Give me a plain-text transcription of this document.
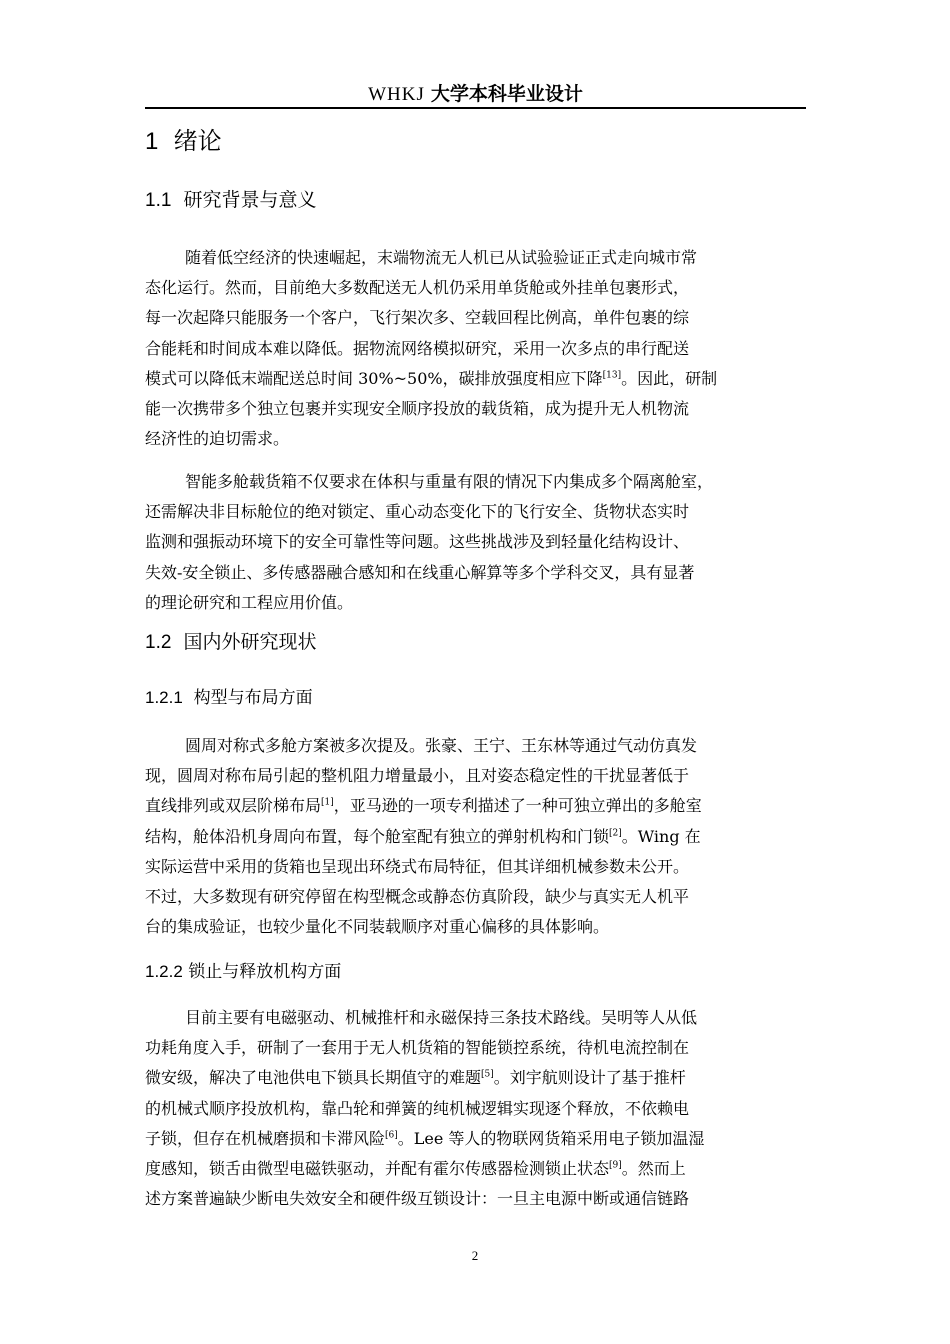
WHKJ 大学本科毕业设计
1 绪论
1.1 研究背景与意义
随着低空经济的快速崛起，末端物流无人机已从试验验证正式走向城市常
态化运行。然而，目前绝大多数配送无人机仍采用单货舱或外挂单包裹形式，
每一次起降只能服务一个客户，飞行架次多、空载回程比例高，单件包裹的综
合能耗和时间成本难以降低。据物流网络模拟研究，采用一次多点的串行配送
模式可以降低末端配送总时间 30%~50%，碳排放强度相应下降[13]。因此，研制
能一次携带多个独立包裹并实现安全顺序投放的载货箱，成为提升无人机物流
经济性的迫切需求。
智能多舱载货箱不仅要求在体积与重量有限的情况下内集成多个隔离舱室，
还需解决非目标舱位的绝对锁定、重心动态变化下的飞行安全、货物状态实时
监测和强振动环境下的安全可靠性等问题。这些挑战涉及到轻量化结构设计、
失效-安全锁止、多传感器融合感知和在线重心解算等多个学科交叉，具有显著
的理论研究和工程应用价值。
1.2 国内外研究现状
1.2.1 构型与布局方面
圆周对称式多舱方案被多次提及。张豪、王宁、王东林等通过气动仿真发
现，圆周对称布局引起的整机阻力增量最小，且对姿态稳定性的干扰显著低于
直线排列或双层阶梯布局[1]，亚马逊的一项专利描述了一种可独立弹出的多舱室
结构，舱体沿机身周向布置，每个舱室配有独立的弹射机构和门锁[2]。Wing 在
实际运营中采用的货箱也呈现出环绕式布局特征，但其详细机械参数未公开。
不过，大多数现有研究停留在构型概念或静态仿真阶段，缺少与真实无人机平
台的集成验证，也较少量化不同装载顺序对重心偏移的具体影响。
1.2.2 锁止与释放机构方面
目前主要有电磁驱动、机械推杆和永磁保持三条技术路线。吴明等人从低
功耗角度入手，研制了一套用于无人机货箱的智能锁控系统，待机电流控制在
微安级，解决了电池供电下锁具长期值守的难题[5]。刘宇航则设计了基于推杆
的机械式顺序投放机构，靠凸轮和弹簧的纯机械逻辑实现逐个释放，不依赖电
子锁，但存在机械磨损和卡滞风险[6]。Lee 等人的物联网货箱采用电子锁加温湿
度感知，锁舌由微型电磁铁驱动，并配有霍尔传感器检测锁止状态[9]。然而上
述方案普遍缺少断电失效安全和硬件级互锁设计：一旦主电源中断或通信链路
2
